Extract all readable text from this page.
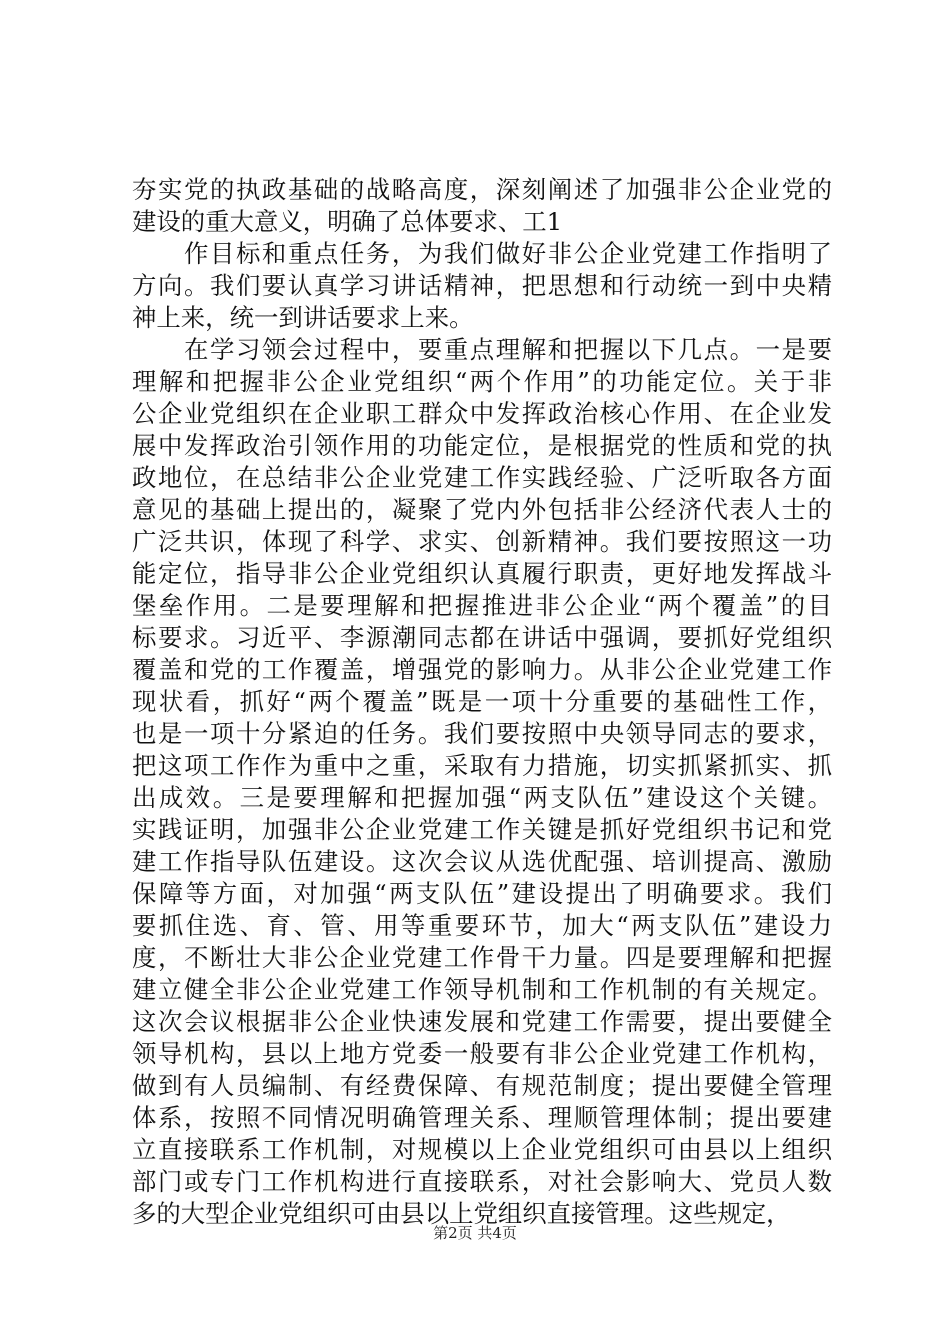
夯实党的执政基础的战略高度，深刻阐述了加强非公企业党的
建设的重大意义，明确了总体要求、工1
　　作目标和重点任务，为我们做好非公企业党建工作指明了
方向。我们要认真学习讲话精神，把思想和行动统一到中央精
神上来，统一到讲话要求上来。
　　在学习领会过程中，要重点理解和把握以下几点。一是要
理解和把握非公企业党组织“两个作用”的功能定位。关于非
公企业党组织在企业职工群众中发挥政治核心作用、在企业发
展中发挥政治引领作用的功能定位，是根据党的性质和党的执
政地位，在总结非公企业党建工作实践经验、广泛听取各方面
意见的基础上提出的，凝聚了党内外包括非公经济代表人士的
广泛共识，体现了科学、求实、创新精神。我们要按照这一功
能定位，指导非公企业党组织认真履行职责，更好地发挥战斗
堡垒作用。二是要理解和把握推进非公企业“两个覆盖”的目
标要求。习近平、李源潮同志都在讲话中强调，要抓好党组织
覆盖和党的工作覆盖，增强党的影响力。从非公企业党建工作
现状看，抓好“两个覆盖”既是一项十分重要的基础性工作，
也是一项十分紧迫的任务。我们要按照中央领导同志的要求，
把这项工作作为重中之重，采取有力措施，切实抓紧抓实、抓
出成效。三是要理解和把握加强“两支队伍”建设这个关键。
实践证明，加强非公企业党建工作关键是抓好党组织书记和党
建工作指导队伍建设。这次会议从选优配强、培训提高、激励
保障等方面，对加强“两支队伍”建设提出了明确要求。我们
要抓住选、育、管、用等重要环节，加大“两支队伍”建设力
度，不断壮大非公企业党建工作骨干力量。四是要理解和把握
建立健全非公企业党建工作领导机制和工作机制的有关规定。
这次会议根据非公企业快速发展和党建工作需要，提出要健全
领导机构，县以上地方党委一般要有非公企业党建工作机构，
做到有人员编制、有经费保障、有规范制度；提出要健全管理
体系，按照不同情况明确管理关系、理顺管理体制；提出要建
立直接联系工作机制，对规模以上企业党组织可由县以上组织
部门或专门工作机构进行直接联系，对社会影响大、党员人数
多的大型企业党组织可由县以上党组织直接管理。这些规定，
第2页 共4页
